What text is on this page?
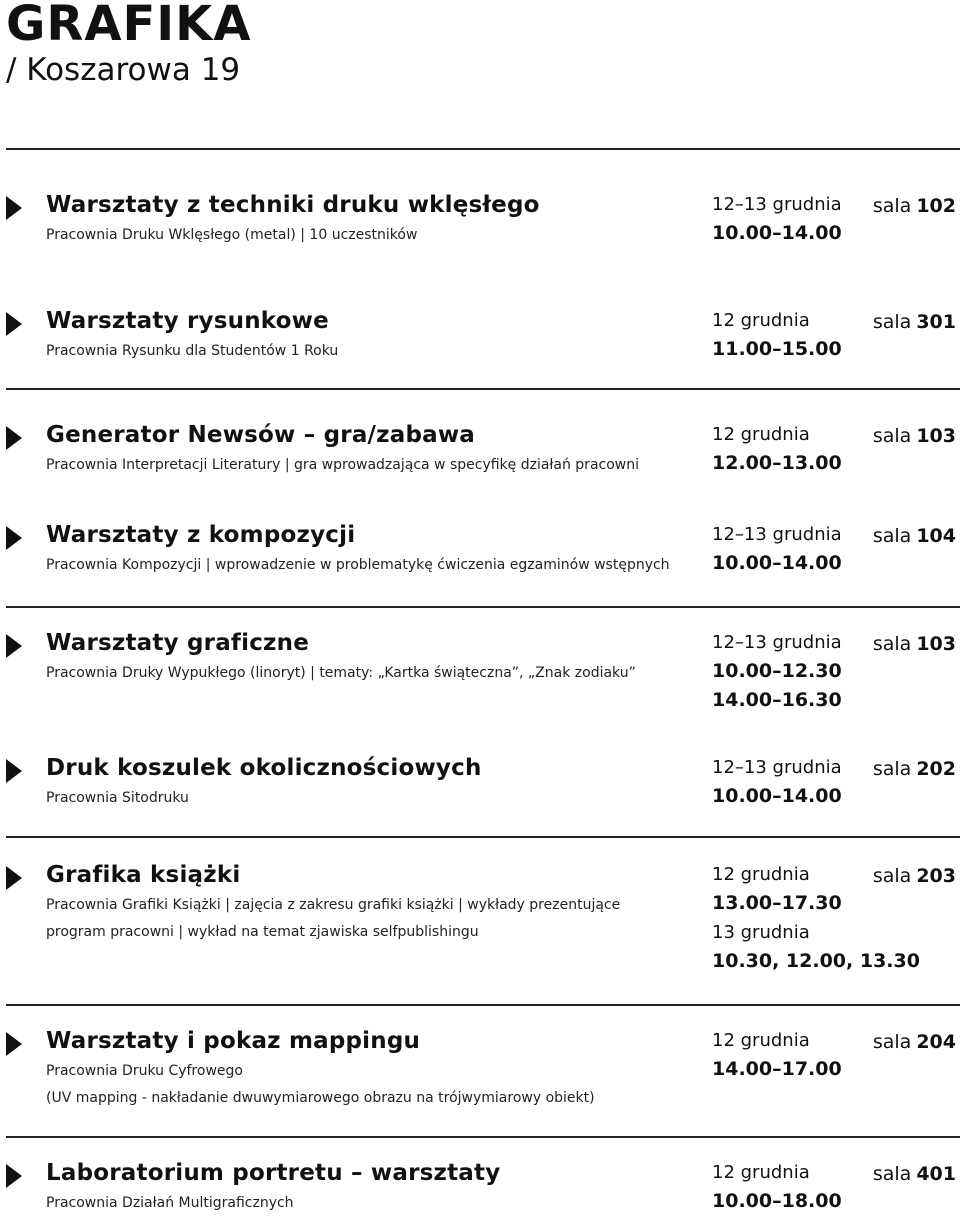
GRAFIKA
/ Koszarowa 19
Warsztaty z techniki druku wklęsłego
Pracownia Druku Wklęsłego (metal) | 10 uczestników
12–13 grudnia
10.00–14.00
sala 102
Warsztaty rysunkowe
Pracownia Rysunku dla Studentów 1 Roku
12 grudnia
11.00–15.00
sala 301
Generator Newsów – gra/zabawa
Pracownia Interpretacji Literatury | gra wprowadzająca w specyfikę działań pracowni
12 grudnia
12.00–13.00
sala 103
Warsztaty z kompozycji
Pracownia Kompozycji | wprowadzenie w problematykę ćwiczenia egzaminów wstępnych
12–13 grudnia
10.00–14.00
sala 104
Warsztaty graficzne
Pracownia Druky Wypukłego (linoryt) | tematy: „Kartka świąteczna”, „Znak zodiaku”
12–13 grudnia
10.00–12.30
14.00–16.30
sala 103
Druk koszulek okolicznościowych
Pracownia Sitodruku
12–13 grudnia
10.00–14.00
sala 202
Grafika książki
Pracownia Grafiki Książki | zajęcia z zakresu grafiki książki | wykłady prezentujące
program pracowni | wykład na temat zjawiska selfpublishingu
12 grudnia
13.00–17.30
13 grudnia
10.30, 12.00, 13.30
sala 203
Warsztaty i pokaz mappingu
Pracownia Druku Cyfrowego
(UV mapping - nakładanie dwuwymiarowego obrazu na trójwymiarowy obiekt)
12 grudnia
14.00–17.00
sala 204
Laboratorium portretu – warsztaty
Pracownia Działań Multigraficznych
12 grudnia
10.00–18.00
sala 401
